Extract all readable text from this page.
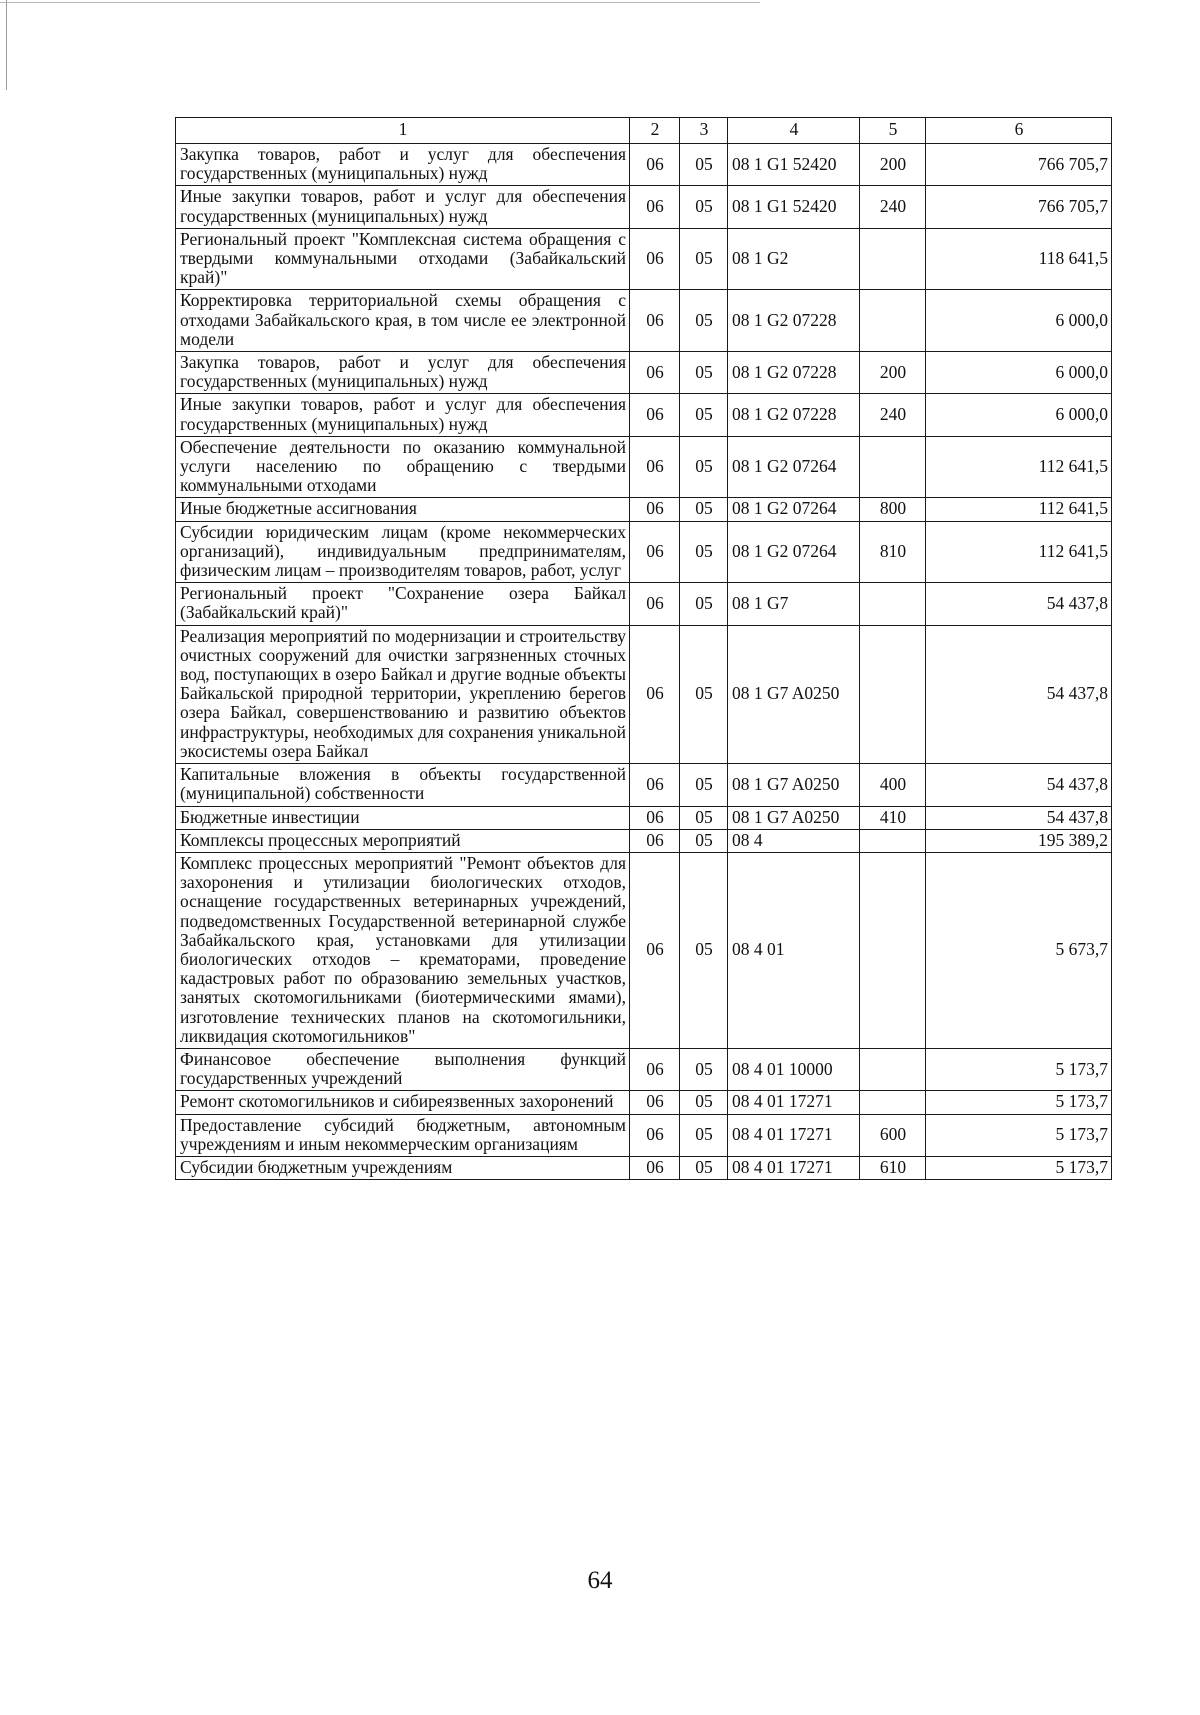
1	2	3	4	5	6
Закупка товаров, работ и услуг для обеспечения государственных (муниципальных) нужд	06	05	08 1 G1 52420	200	766 705,7
Иные закупки товаров, работ и услуг для обеспечения государственных (муниципальных) нужд	06	05	08 1 G1 52420	240	766 705,7
Региональный проект "Комплексная система обращения с твердыми коммунальными отходами (Забайкальский край)"	06	05	08 1 G2		118 641,5
Корректировка территориальной схемы обращения с отходами Забайкальского края, в том числе ее электронной модели	06	05	08 1 G2 07228		6 000,0
Закупка товаров, работ и услуг для обеспечения государственных (муниципальных) нужд	06	05	08 1 G2 07228	200	6 000,0
Иные закупки товаров, работ и услуг для обеспечения государственных (муниципальных) нужд	06	05	08 1 G2 07228	240	6 000,0
Обеспечение деятельности по оказанию коммунальной услуги населению по обращению с твердыми коммунальными отходами	06	05	08 1 G2 07264		112 641,5
Иные бюджетные ассигнования	06	05	08 1 G2 07264	800	112 641,5
Субсидии юридическим лицам (кроме некоммерческих организаций), индивидуальным предпринимателям, физическим лицам – производителям товаров, работ, услуг	06	05	08 1 G2 07264	810	112 641,5
Региональный проект "Сохранение озера Байкал (Забайкальский край)"	06	05	08 1 G7		54 437,8
Реализация мероприятий по модернизации и строительству очистных сооружений для очистки загрязненных сточных вод, поступающих в озеро Байкал и другие водные объекты Байкальской природной территории, укреплению берегов озера Байкал, совершенствованию и развитию объектов инфраструктуры, необходимых для сохранения уникальной экосистемы озера Байкал	06	05	08 1 G7 A0250		54 437,8
Капитальные вложения в объекты государственной (муниципальной) собственности	06	05	08 1 G7 A0250	400	54 437,8
Бюджетные инвестиции	06	05	08 1 G7 A0250	410	54 437,8
Комплексы процессных мероприятий	06	05	08 4		195 389,2
Комплекс процессных мероприятий "Ремонт объектов для захоронения и утилизации биологических отходов, оснащение государственных ветеринарных учреждений, подведомственных Государственной ветеринарной службе Забайкальского края, установками для утилизации биологических отходов – крематорами, проведение кадастровых работ по образованию земельных участков, занятых скотомогильниками (биотермическими ямами), изготовление технических планов на скотомогильники, ликвидация скотомогильников"	06	05	08 4 01		5 673,7
Финансовое обеспечение выполнения функций государственных учреждений	06	05	08 4 01 10000		5 173,7
Ремонт скотомогильников и сибиреязвенных захоронений	06	05	08 4 01 17271		5 173,7
Предоставление субсидий бюджетным, автономным учреждениям и иным некоммерческим организациям	06	05	08 4 01 17271	600	5 173,7
Субсидии бюджетным учреждениям	06	05	08 4 01 17271	610	5 173,7
64
